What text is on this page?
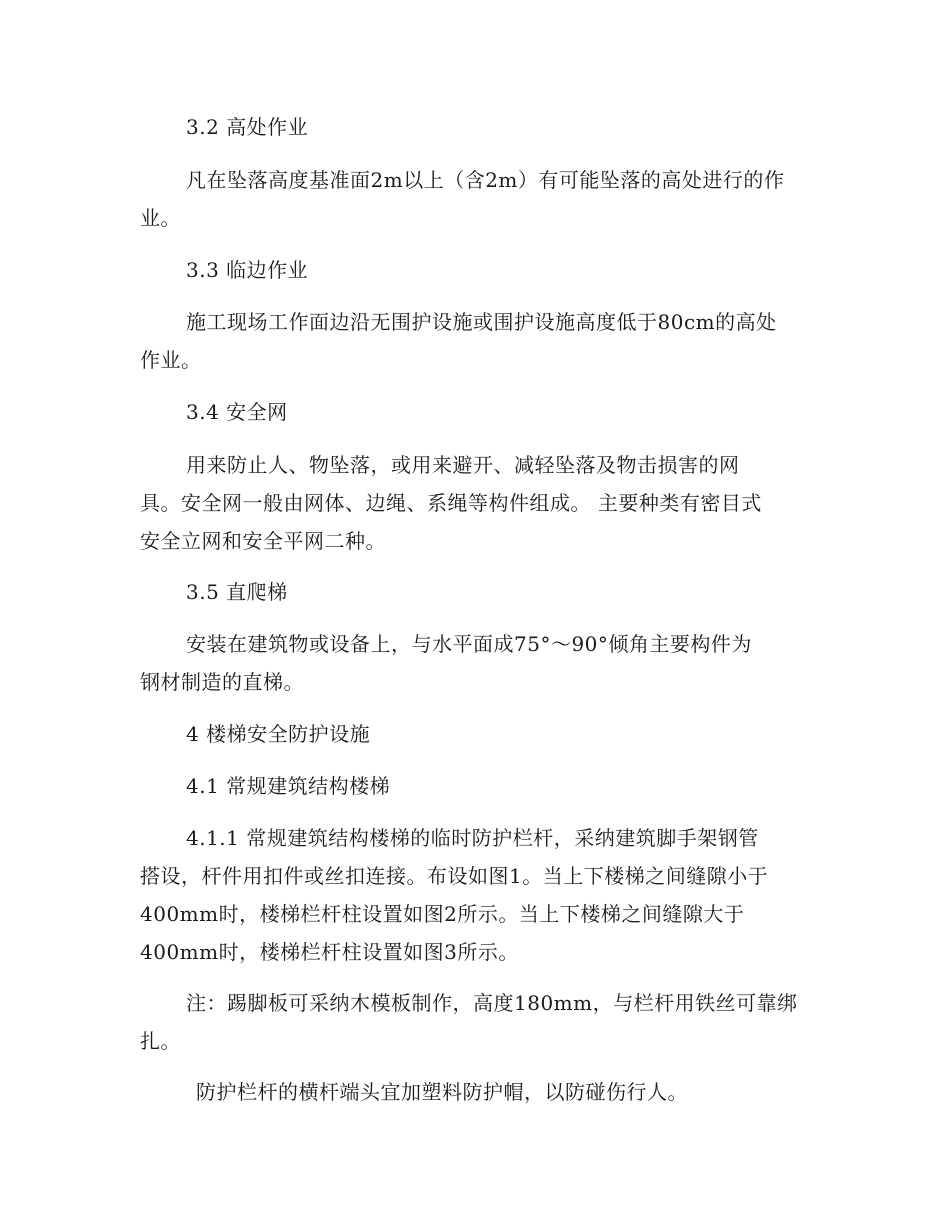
3.2 高处作业
凡在坠落高度基准面2m以上（含2m）有可能坠落的高处进行的作
业。
3.3 临边作业
施工现场工作面边沿无围护设施或围护设施高度低于80cm的高处
作业。
3.4 安全网
用来防止人、物坠落，或用来避开、减轻坠落及物击损害的网
具。安全网一般由网体、边绳、系绳等构件组成。 主要种类有密目式
安全立网和安全平网二种。
3.5 直爬梯
安装在建筑物或设备上，与水平面成75°～90°倾角主要构件为
钢材制造的直梯。
4 楼梯安全防护设施
4.1 常规建筑结构楼梯
4.1.1 常规建筑结构楼梯的临时防护栏杆，采纳建筑脚手架钢管
搭设，杆件用扣件或丝扣连接。布设如图1。当上下楼梯之间缝隙小于
400mm时，楼梯栏杆柱设置如图2所示。当上下楼梯之间缝隙大于
400mm时，楼梯栏杆柱设置如图3所示。
注：踢脚板可采纳木模板制作，高度180mm，与栏杆用铁丝可靠绑
扎。
防护栏杆的横杆端头宜加塑料防护帽，以防碰伤行人。
